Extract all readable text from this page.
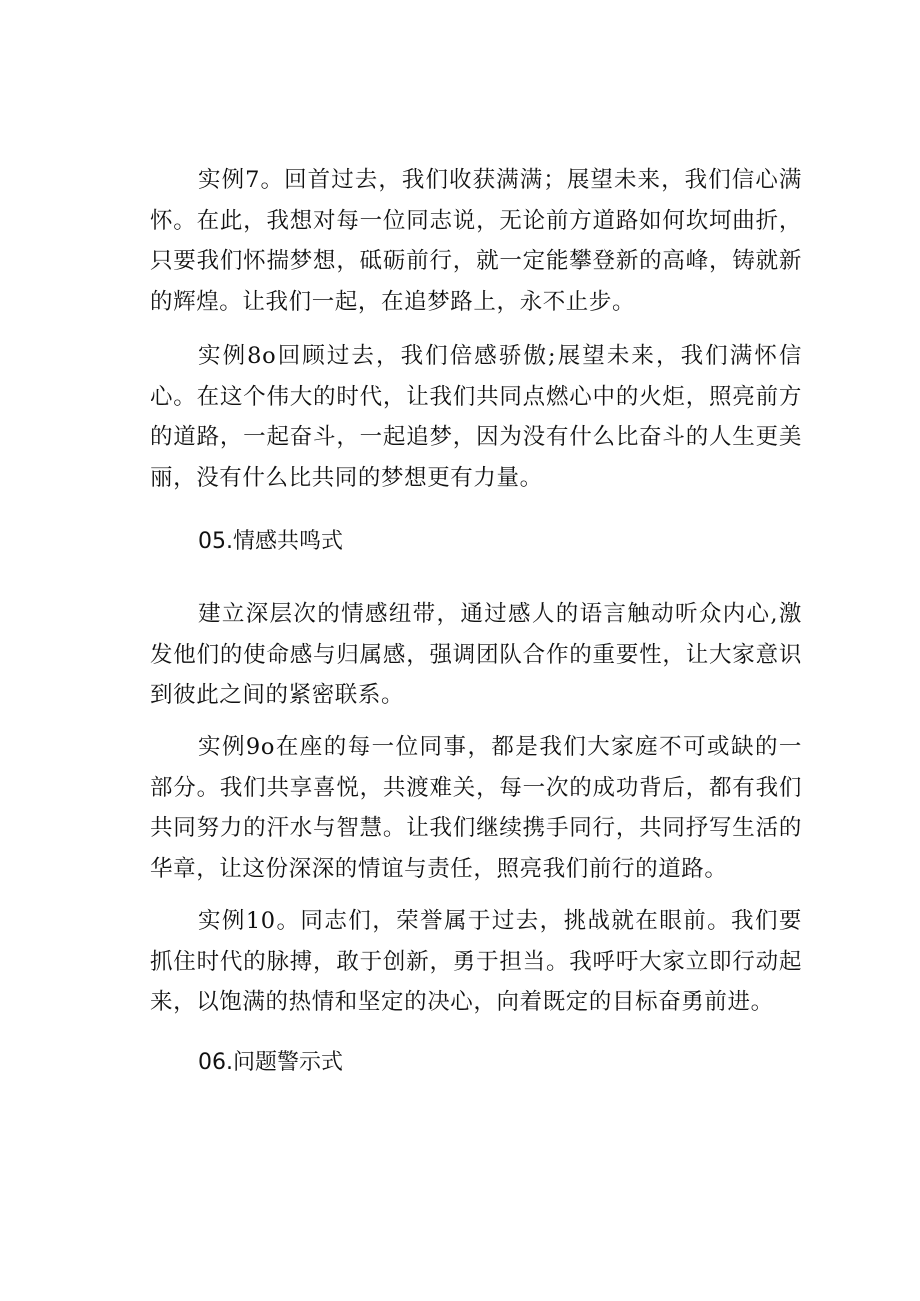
实例7。回首过去，我们收获满满；展望未来，我们信心满怀。在此，我想对每一位同志说，无论前方道路如何坎坷曲折，只要我们怀揣梦想，砥砺前行，就一定能攀登新的高峰，铸就新的辉煌。让我们一起，在追梦路上，永不止步。

实例8o回顾过去，我们倍感骄傲;展望未来，我们满怀信心。在这个伟大的时代，让我们共同点燃心中的火炬，照亮前方的道路，一起奋斗，一起追梦，因为没有什么比奋斗的人生更美丽，没有什么比共同的梦想更有力量。

05.情感共鸣式

建立深层次的情感纽带，通过感人的语言触动听众内心,激发他们的使命感与归属感，强调团队合作的重要性，让大家意识到彼此之间的紧密联系。

实例9o在座的每一位同事，都是我们大家庭不可或缺的一部分。我们共享喜悦，共渡难关，每一次的成功背后，都有我们共同努力的汗水与智慧。让我们继续携手同行，共同抒写生活的华章，让这份深深的情谊与责任，照亮我们前行的道路。

实例10。同志们，荣誉属于过去，挑战就在眼前。我们要抓住时代的脉搏，敢于创新，勇于担当。我呼吁大家立即行动起来，以饱满的热情和坚定的决心，向着既定的目标奋勇前进。

06.问题警示式
